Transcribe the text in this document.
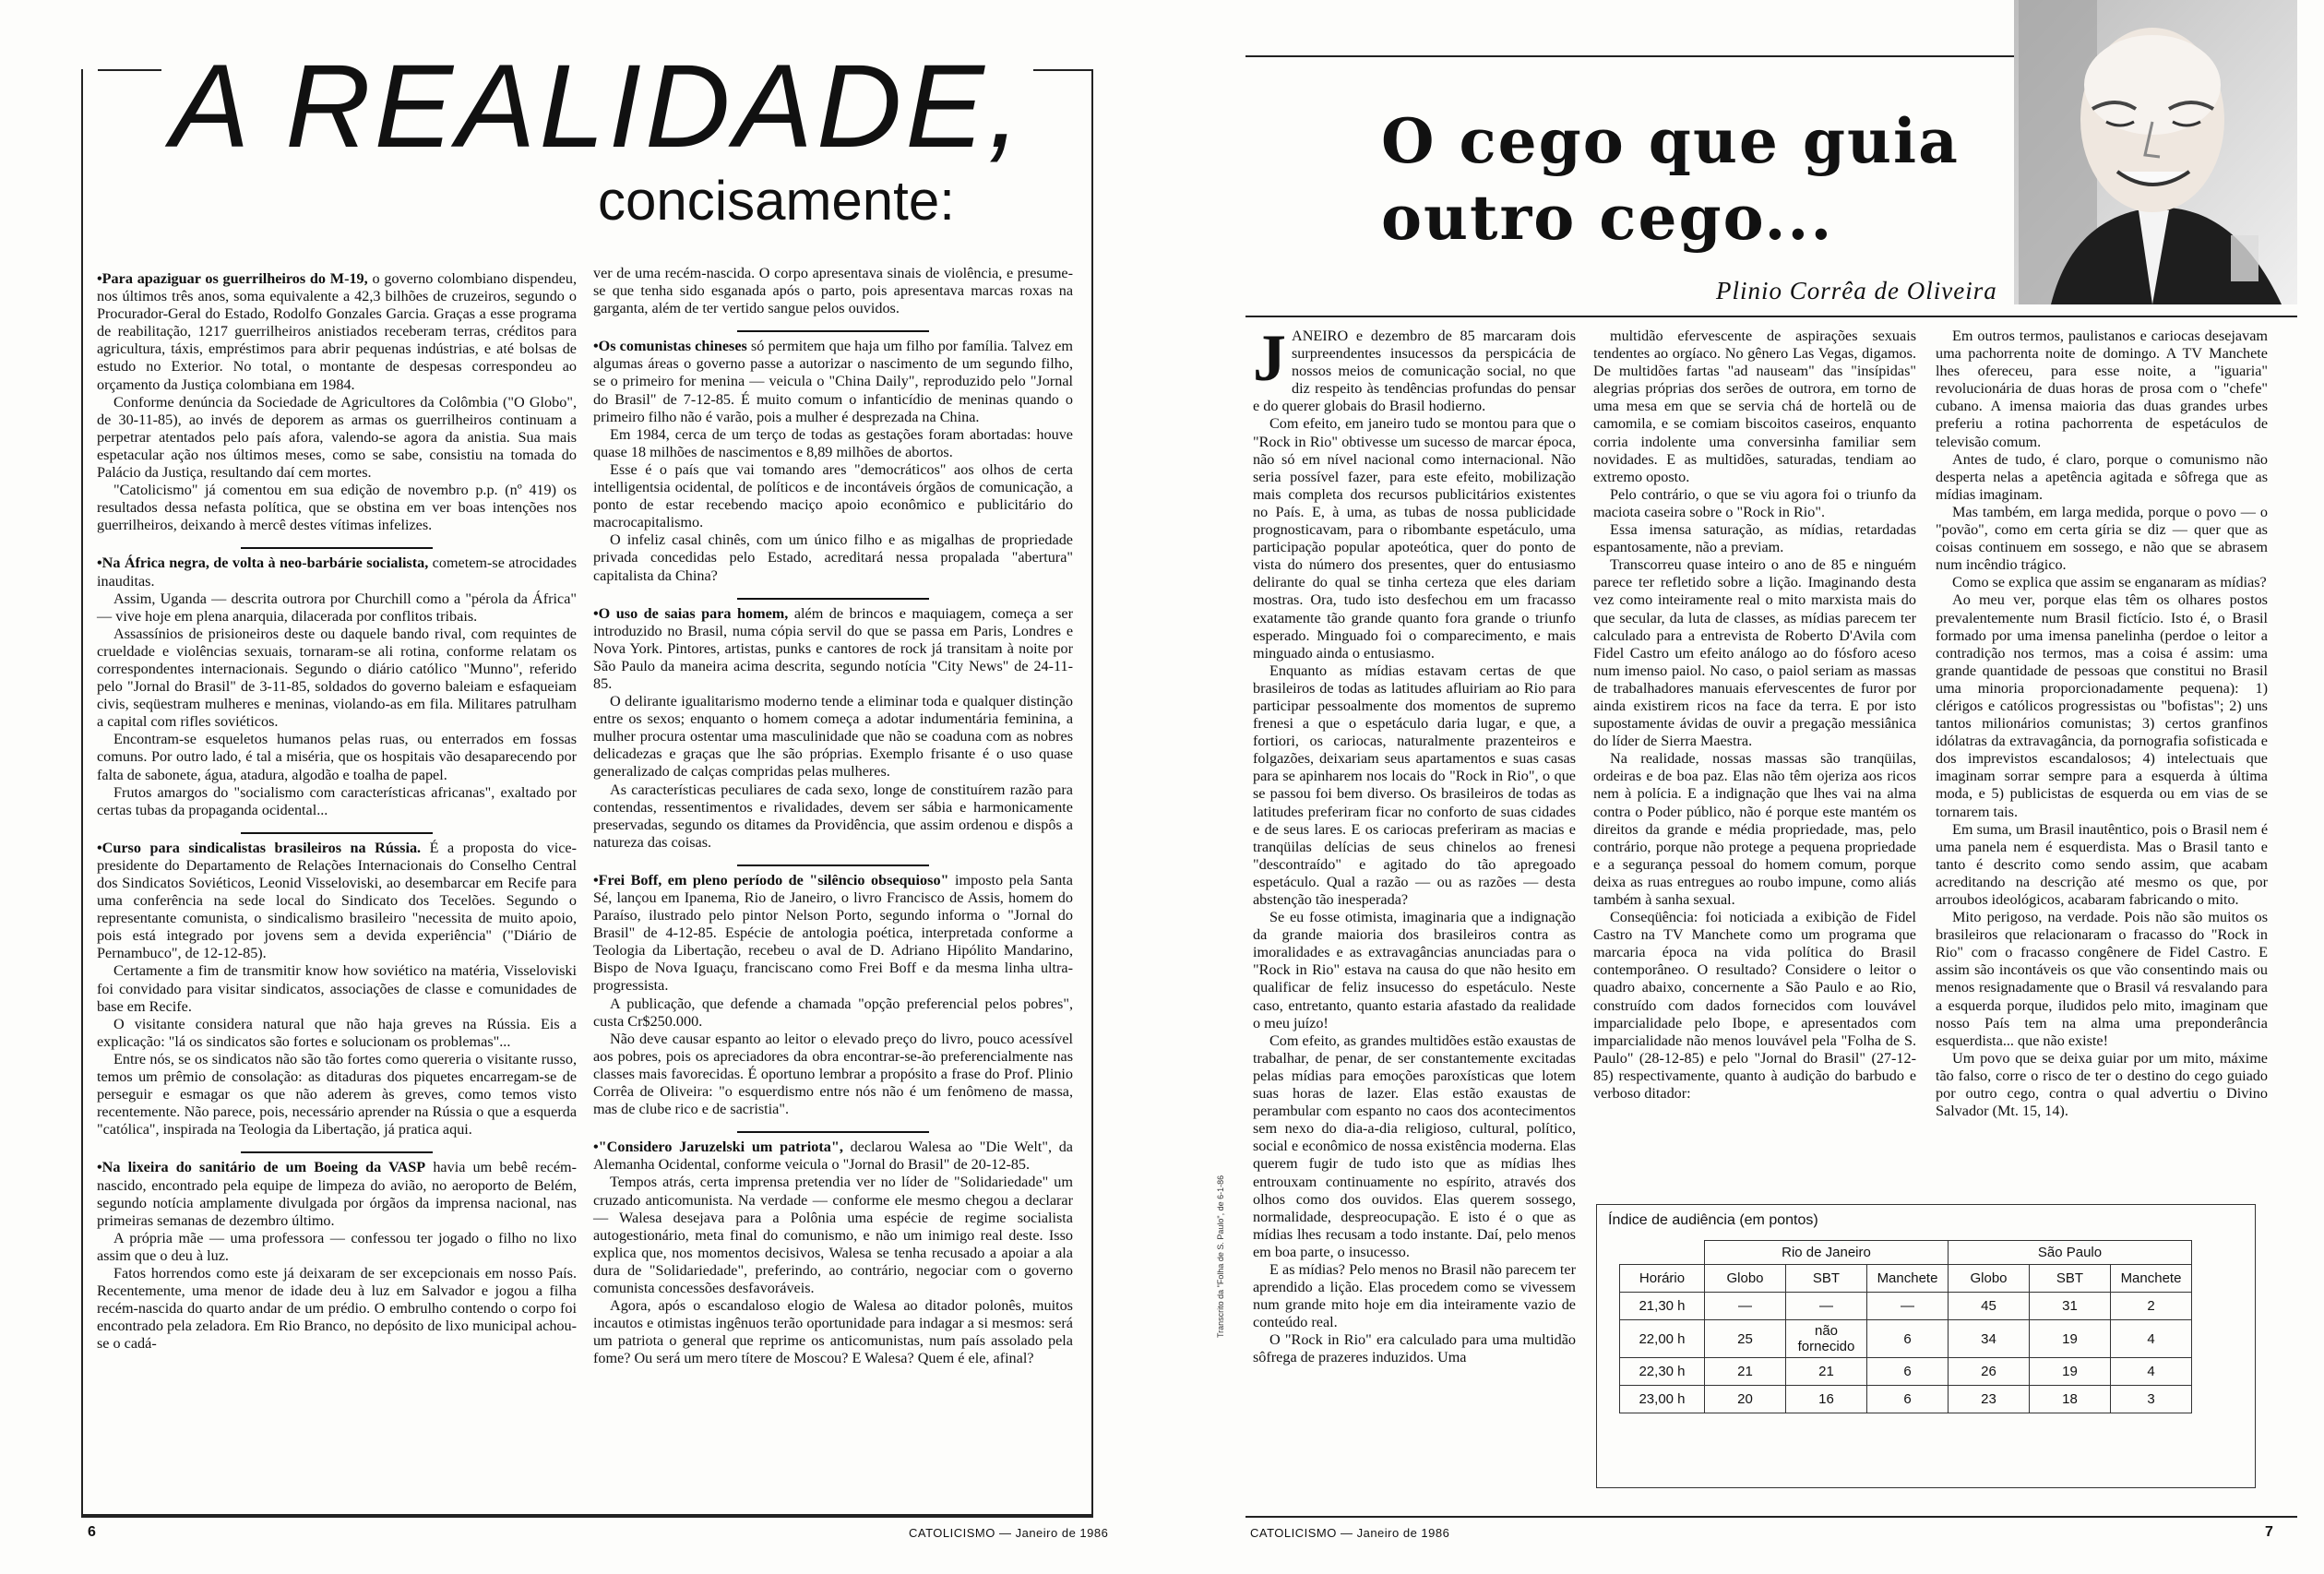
A REALIDADE,
concisamente:

•Para apaziguar os guerrilheiros do M-19, o governo colombiano dispendeu, nos últimos três anos, soma equivalente a 42,3 bilhões de cruzeiros, segundo o Procurador-Geral do Estado, Rodolfo Gonzales Garcia. Graças a esse programa de reabilitação, 1217 guerrilheiros anistiados receberam terras, créditos para agricultura, táxis, empréstimos para abrir pequenas indústrias, e até bolsas de estudo no Exterior. No total, o montante de despesas correspondeu ao orçamento da Justiça colombiana em 1984.

Conforme denúncia da Sociedade de Agricultores da Colômbia ("O Globo", de 30-11-85), ao invés de deporem as armas os guerrilheiros continuam a perpetrar atentados pelo país afora, valendo-se agora da anistia. Sua mais espetacular ação nos últimos meses, como se sabe, consistiu na tomada do Palácio da Justiça, resultando daí cem mortes.

"Catolicismo" já comentou em sua edição de novembro p.p. (nº 419) os resultados dessa nefasta política, que se obstina em ver boas intenções nos guerrilheiros, deixando à mercê destes vítimas infelizes.

•Na África negra, de volta à neo-barbárie socialista, cometem-se atrocidades inauditas.

Assim, Uganda — descrita outrora por Churchill como a "pérola da África" — vive hoje em plena anarquia, dilacerada por conflitos tribais.

Assassínios de prisioneiros deste ou daquele bando rival, com requintes de crueldade e violências sexuais, tornaram-se ali rotina, conforme relatam os correspondentes internacionais. Segundo o diário católico "Munno", referido pelo "Jornal do Brasil" de 3-11-85, soldados do governo baleiam e esfaqueiam civis, seqüestram mulheres e meninas, violando-as em fila. Militares patrulham a capital com rifles soviéticos.

Encontram-se esqueletos humanos pelas ruas, ou enterrados em fossas comuns. Por outro lado, é tal a miséria, que os hospitais vão desaparecendo por falta de sabonete, água, atadura, algodão e toalha de papel.

Frutos amargos do "socialismo com características africanas", exaltado por certas tubas da propaganda ocidental...

•Curso para sindicalistas brasileiros na Rússia. É a proposta do vice-presidente do Departamento de Relações Internacionais do Conselho Central dos Sindicatos Soviéticos, Leonid Visseloviski, ao desembarcar em Recife para uma conferência na sede local do Sindicato dos Tecelões. Segundo o representante comunista, o sindicalismo brasileiro "necessita de muito apoio, pois está integrado por jovens sem a devida experiência" ("Diário de Pernambuco", de 12-12-85).

Certamente a fim de transmitir know how soviético na matéria, Visseloviski foi convidado para visitar sindicatos, associações de classe e comunidades de base em Recife.

O visitante considera natural que não haja greves na Rússia. Eis a explicação: "lá os sindicatos são fortes e solucionam os problemas"...

Entre nós, se os sindicatos não são tão fortes como quereria o visitante russo, temos um prêmio de consolação: as ditaduras dos piquetes encarregam-se de perseguir e esmagar os que não aderem às greves, como temos visto recentemente. Não parece, pois, necessário aprender na Rússia o que a esquerda "católica", inspirada na Teologia da Libertação, já pratica aqui.

•Na lixeira do sanitário de um Boeing da VASP havia um bebê recém-nascido, encontrado pela equipe de limpeza do avião, no aeroporto de Belém, segundo notícia amplamente divulgada por órgãos da imprensa nacional, nas primeiras semanas de dezembro último.

A própria mãe — uma professora — confessou ter jogado o filho no lixo assim que o deu à luz.

Fatos horrendos como este já deixaram de ser excepcionais em nosso País. Recentemente, uma menor de idade deu à luz em Salvador e jogou a filha recém-nascida do quarto andar de um prédio. O embrulho contendo o corpo foi encontrado pela zeladora. Em Rio Branco, no depósito de lixo municipal achou-se o cadá-

ver de uma recém-nascida. O corpo apresentava sinais de violência, e presume-se que tenha sido esganada após o parto, pois apresentava marcas roxas na garganta, além de ter vertido sangue pelos ouvidos.

•Os comunistas chineses só permitem que haja um filho por família. Talvez em algumas áreas o governo passe a autorizar o nascimento de um segundo filho, se o primeiro for menina — veicula o "China Daily", reproduzido pelo "Jornal do Brasil" de 7-12-85. É muito comum o infanticídio de meninas quando o primeiro filho não é varão, pois a mulher é desprezada na China.

Em 1984, cerca de um terço de todas as gestações foram abortadas: houve quase 18 milhões de nascimentos e 8,89 milhões de abortos.

Esse é o país que vai tomando ares "democráticos" aos olhos de certa intelligentsia ocidental, de políticos e de incontáveis órgãos de comunicação, a ponto de estar recebendo maciço apoio econômico e publicitário do macrocapitalismo.

O infeliz casal chinês, com um único filho e as migalhas de propriedade privada concedidas pelo Estado, acreditará nessa propalada "abertura" capitalista da China?

•O uso de saias para homem, além de brincos e maquiagem, começa a ser introduzido no Brasil, numa cópia servil do que se passa em Paris, Londres e Nova York. Pintores, artistas, punks e cantores de rock já transitam à noite por São Paulo da maneira acima descrita, segundo notícia "City News" de 24-11-85.

O delirante igualitarismo moderno tende a eliminar toda e qualquer distinção entre os sexos; enquanto o homem começa a adotar indumentária feminina, a mulher procura ostentar uma masculinidade que não se coaduna com as nobres delicadezas e graças que lhe são próprias. Exemplo frisante é o uso quase generalizado de calças compridas pelas mulheres.

As características peculiares de cada sexo, longe de constituírem razão para contendas, ressentimentos e rivalidades, devem ser sábia e harmonicamente preservadas, segundo os ditames da Providência, que assim ordenou e dispôs a natureza das coisas.

•Frei Boff, em pleno período de "silêncio obsequioso" imposto pela Santa Sé, lançou em Ipanema, Rio de Janeiro, o livro Francisco de Assis, homem do Paraíso, ilustrado pelo pintor Nelson Porto, segundo informa o "Jornal do Brasil" de 4-12-85. Espécie de antologia poética, interpretada conforme a Teologia da Libertação, recebeu o aval de D. Adriano Hipólito Mandarino, Bispo de Nova Iguaçu, franciscano como Frei Boff e da mesma linha ultra-progressista.

A publicação, que defende a chamada "opção preferencial pelos pobres", custa Cr$250.000.

Não deve causar espanto ao leitor o elevado preço do livro, pouco acessível aos pobres, pois os apreciadores da obra encontrar-se-ão preferencialmente nas classes mais favorecidas. É oportuno lembrar a propósito a frase do Prof. Plinio Corrêa de Oliveira: "o esquerdismo entre nós não é um fenômeno de massa, mas de clube rico e de sacristia".

•"Considero Jaruzelski um patriota", declarou Walesa ao "Die Welt", da Alemanha Ocidental, conforme veicula o "Jornal do Brasil" de 20-12-85.

Tempos atrás, certa imprensa pretendia ver no líder de "Solidariedade" um cruzado anticomunista. Na verdade — conforme ele mesmo chegou a declarar — Walesa desejava para a Polônia uma espécie de regime socialista autogestionário, meta final do comunismo, e não um inimigo real deste. Isso explica que, nos momentos decisivos, Walesa se tenha recusado a apoiar a ala dura de "Solidariedade", preferindo, ao contrário, negociar com o governo comunista concessões desfavoráveis.

Agora, após o escandaloso elogio de Walesa ao ditador polonês, muitos incautos e otimistas ingênuos terão oportunidade para indagar a si mesmos: será um patriota o general que reprime os anticomunistas, num país assolado pela fome? Ou será um mero títere de Moscou? E Walesa? Quem é ele, afinal?

6	CATOLICISMO — Janeiro de 1986
O cego que guia outro cego...
Plinio Corrêa de Oliveira

JANEIRO e dezembro de 85 marcaram dois surpreendentes insucessos da perspicácia de nossos meios de comunicação social, no que diz respeito às tendências profundas do pensar e do querer globais do Brasil hodierno.

Com efeito, em janeiro tudo se montou para que o "Rock in Rio" obtivesse um sucesso de marcar época, não só em nível nacional como internacional. Não seria possível fazer, para este efeito, mobilização mais completa dos recursos publicitários existentes no País. E, à uma, as tubas de nossa publicidade prognosticavam, para o ribombante espetáculo, uma participação popular apoteótica, quer do ponto de vista do número dos presentes, quer do entusiasmo delirante do qual se tinha certeza que eles dariam mostras. Ora, tudo isto desfechou em um fracasso exatamente tão grande quanto fora grande o triunfo esperado. Minguado foi o comparecimento, e mais minguado ainda o entusiasmo.

Enquanto as mídias estavam certas de que brasileiros de todas as latitudes afluiriam ao Rio para participar pessoalmente dos momentos de supremo frenesi a que o espetáculo daria lugar, e que, a fortiori, os cariocas, naturalmente prazenteiros e folgazões, deixariam seus apartamentos e suas casas para se apinharem nos locais do "Rock in Rio", o que se passou foi bem diverso. Os brasileiros de todas as latitudes preferiram ficar no conforto de suas cidades e de seus lares. E os cariocas preferiram as macias e tranqüilas delícias de seus chinelos ao frenesi "descontraído" e agitado do tão apregoado espetáculo. Qual a razão — ou as razões — desta abstenção tão inesperada?

Se eu fosse otimista, imaginaria que a indignação da grande maioria dos brasileiros contra as imoralidades e as extravagâncias anunciadas para o "Rock in Rio" estava na causa do que não hesito em qualificar de feliz insucesso do espetáculo. Neste caso, entretanto, quanto estaria afastado da realidade o meu juízo!

Com efeito, as grandes multidões estão exaustas de trabalhar, de penar, de ser constantemente excitadas pelas mídias para emoções paroxísticas que lotem suas horas de lazer. Elas estão exaustas de perambular com espanto no caos dos acontecimentos sem nexo do dia-a-dia religioso, cultural, político, social e econômico de nossa existência moderna. Elas querem fugir de tudo isto que as mídias lhes entrouxam continuamente no espírito, através dos olhos como dos ouvidos. Elas querem sossego, normalidade, despreocupação. E isto é o que as mídias lhes recusam a todo instante. Daí, pelo menos em boa parte, o insucesso.

E as mídias? Pelo menos no Brasil não parecem ter aprendido a lição. Elas procedem como se vivessem num grande mito hoje em dia inteiramente vazio de conteúdo real.

O "Rock in Rio" era calculado para uma multidão sôfrega de prazeres induzidos. Uma

multidão efervescente de aspirações sexuais tendentes ao orgíaco. No gênero Las Vegas, digamos. De multidões fartas "ad nauseam" das "insípidas" alegrias próprias dos serões de outrora, em torno de uma mesa em que se servia chá de hortelã ou de camomila, e se comiam biscoitos caseiros, enquanto corria indolente uma conversinha familiar sem novidades. E as multidões, saturadas, tendiam ao extremo oposto.

Pelo contrário, o que se viu agora foi o triunfo da maciota caseira sobre o "Rock in Rio".

Essa imensa saturação, as mídias, retardadas espantosamente, não a previam.

Transcorreu quase inteiro o ano de 85 e ninguém parece ter refletido sobre a lição. Imaginando desta vez como inteiramente real o mito marxista mais do que secular, da luta de classes, as mídias parecem ter calculado para a entrevista de Roberto D'Avila com Fidel Castro um efeito análogo ao do fósforo aceso num imenso paiol. No caso, o paiol seriam as massas de trabalhadores manuais efervescentes de furor por ainda existirem ricos na face da terra. E por isto supostamente ávidas de ouvir a pregação messiânica do líder de Sierra Maestra.

Na realidade, nossas massas são tranqüilas, ordeiras e de boa paz. Elas não têm ojeriza aos ricos nem à polícia. E a indignação que lhes vai na alma contra o Poder público, não é porque este mantém os direitos da grande e média propriedade, mas, pelo contrário, porque não protege a pequena propriedade e a segurança pessoal do homem comum, porque deixa as ruas entregues ao roubo impune, como aliás também à sanha sexual.

Conseqüência: foi noticiada a exibição de Fidel Castro na TV Manchete como um programa que marcaria época na vida política do Brasil contemporâneo. O resultado? Considere o leitor o quadro abaixo, concernente a São Paulo e ao Rio, construído com dados fornecidos com louvável imparcialidade pelo Ibope, e apresentados com imparcialidade não menos louvável pela "Folha de S. Paulo" (28-12-85) e pelo "Jornal do Brasil" (27-12-85) respectivamente, quanto à audição do barbudo e verboso ditador:

Em outros termos, paulistanos e cariocas desejavam uma pachorrenta noite de domingo. A TV Manchete lhes ofereceu, para esse noite, a "iguaria" revolucionária de duas horas de prosa com o "chefe" cubano. A imensa maioria das duas grandes urbes preferiu a rotina pachorrenta de espetáculos de televisão comum.

Antes de tudo, é claro, porque o comunismo não desperta nelas a apetência agitada e sôfrega que as mídias imaginam.

Mas também, em larga medida, porque o povo — o "povão", como em certa gíria se diz — quer que as coisas continuem em sossego, e não que se abrasem num incêndio trágico.

Como se explica que assim se enganaram as mídias?

Ao meu ver, porque elas têm os olhares postos prevalentemente num Brasil fictício. Isto é, o Brasil formado por uma imensa panelinha (perdoe o leitor a contradição nos termos, mas a coisa é assim: uma grande quantidade de pessoas que constitui no Brasil uma minoria proporcionadamente pequena): 1) clérigos e católicos progressistas ou "bofistas"; 2) uns tantos milionários comunistas; 3) certos granfinos idólatras da extravagância, da pornografia sofisticada e dos imprevistos escandalosos; 4) intelectuais que imaginam sorrar sempre para a esquerda à última moda, e 5) publicistas de esquerda ou em vias de se tornarem tais.

Em suma, um Brasil inautêntico, pois o Brasil nem é uma panela nem é esquerdista. Mas o Brasil tanto e tanto é descrito como sendo assim, que acabam acreditando na descrição até mesmo os que, por arroubos ideológicos, acabaram fabricando o mito.

Mito perigoso, na verdade. Pois não são muitos os brasileiros que relacionaram o fracasso do "Rock in Rio" com o fracasso congênere de Fidel Castro. E assim são incontáveis os que vão consentindo mais ou menos resignadamente que o Brasil vá resvalando para a esquerda porque, iludidos pelo mito, imaginam que nosso País tem na alma uma preponderância esquerdista... que não existe!

Um povo que se deixa guiar por um mito, máxime tão falso, corre o risco de ter o destino do cego guiado por outro cego, contra o qual advertiu o Divino Salvador (Mt. 15, 14).

Transcrito da "Folha de S. Paulo", de 6-1-86	Índice de audiência (em pontos)
	Rio de Janeiro			São Paulo		
Horário	Globo	SBT	Manchete	Globo	SBT	Manchete
21,30 h	—	—	—	45	31	2
22,00 h	25	não fornecido	6	34	19	4
22,30 h	21	21	6	26	19	4
23,00 h	20	16	6	23	18	3
7
CATOLICISMO — Janeiro de 1986
